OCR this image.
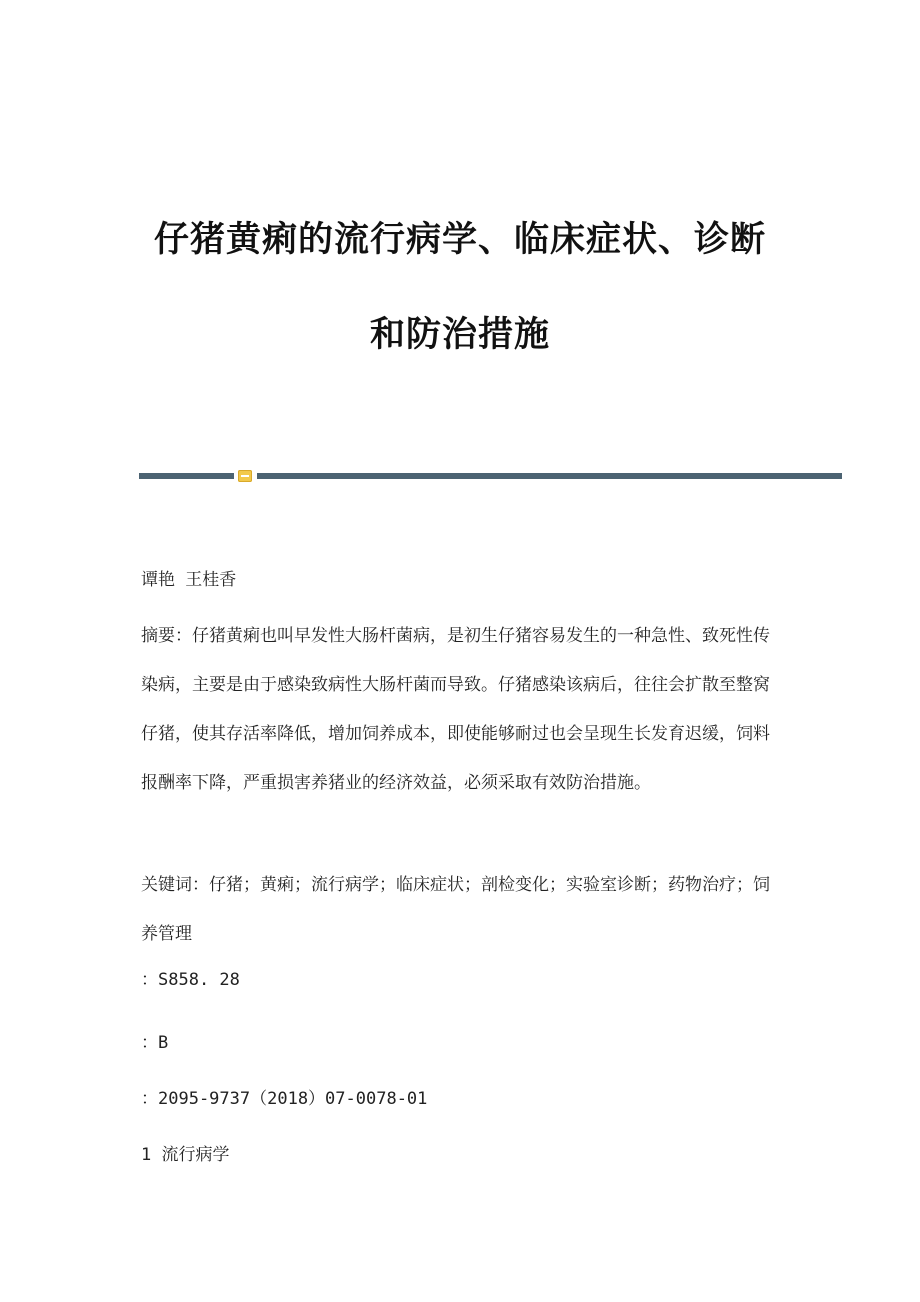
仔猪黄痢的流行病学、临床症状、诊断
和防治措施
谭艳 王桂香
摘要：仔猪黄痢也叫早发性大肠杆菌病，是初生仔猪容易发生的一种急性、致死性传染病，主要是由于感染致病性大肠杆菌而导致。仔猪感染该病后，往往会扩散至整窝仔猪，使其存活率降低，增加饲养成本，即使能够耐过也会呈现生长发育迟缓，饲料报酬率下降，严重损害养猪业的经济效益，必须采取有效防治措施。
关键词：仔猪；黄痢；流行病学；临床症状；剖检变化；实验室诊断；药物治疗；饲养管理
：S858. 28
：B
：2095-9737（2018）07-0078-01
1 流行病学
